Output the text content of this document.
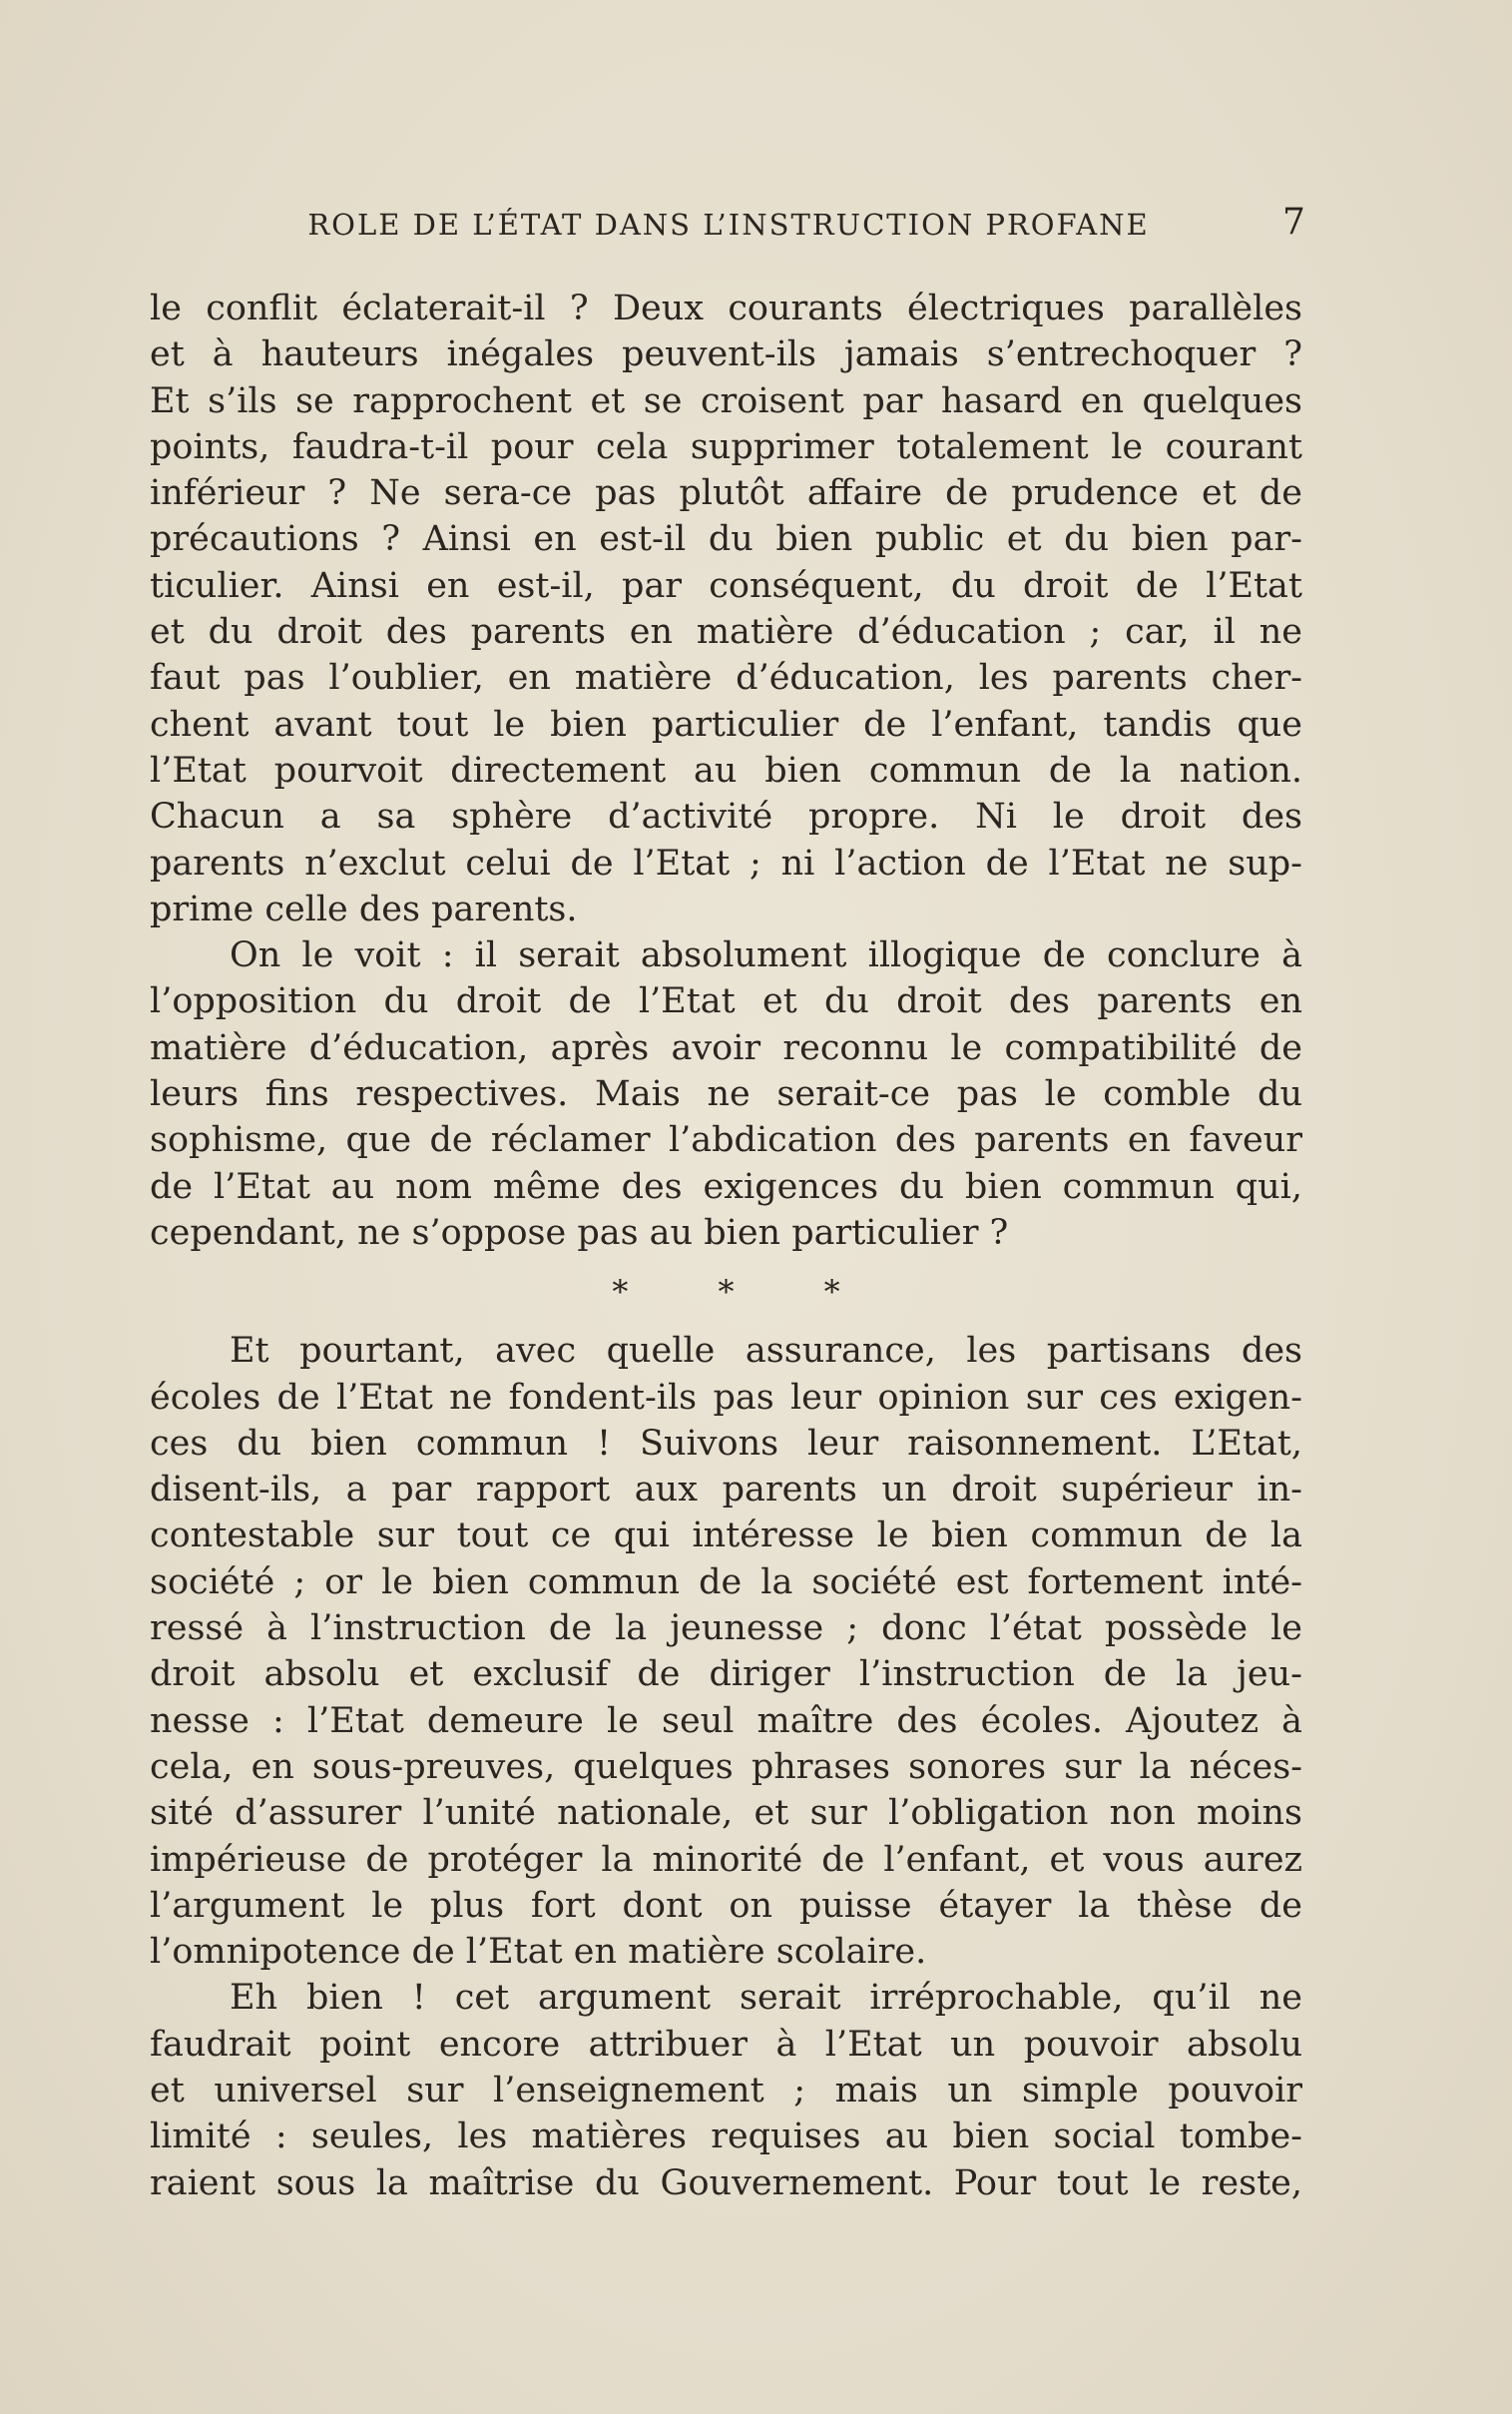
ROLE DE L’ÉTAT DANS L’INSTRUCTION PROFANE	7
le conflit éclaterait-il ? Deux courants électriques parallèles
et à hauteurs inégales peuvent-ils jamais s’entrechoquer ?
Et s’ils se rapprochent et se croisent par hasard en quelques
points, faudra-t-il pour cela supprimer totalement le courant
inférieur ? Ne sera-ce pas plutôt affaire de prudence et de
précautions ? Ainsi en est-il du bien public et du bien par-
ticulier. Ainsi en est-il, par conséquent, du droit de l’Etat
et du droit des parents en matière d’éducation ; car, il ne
faut pas l’oublier, en matière d’éducation, les parents cher-
chent avant tout le bien particulier de l’enfant, tandis que
l’Etat pourvoit directement au bien commun de la nation.
Chacun a sa sphère d’activité propre. Ni le droit des
parents n’exclut celui de l’Etat ; ni l’action de l’Etat ne sup-
prime celle des parents.
On le voit : il serait absolument illogique de conclure à
l’opposition du droit de l’Etat et du droit des parents en
matière d’éducation, après avoir reconnu le compatibilité de
leurs fins respectives. Mais ne serait-ce pas le comble du
sophisme, que de réclamer l’abdication des parents en faveur
de l’Etat au nom même des exigences du bien commun qui,
cependant, ne s’oppose pas au bien particulier ?
* * *
Et pourtant, avec quelle assurance, les partisans des
écoles de l’Etat ne fondent-ils pas leur opinion sur ces exigen-
ces du bien commun ! Suivons leur raisonnement. L’Etat,
disent-ils, a par rapport aux parents un droit supérieur in-
contestable sur tout ce qui intéresse le bien commun de la
société ; or le bien commun de la société est fortement inté-
ressé à l’instruction de la jeunesse ; donc l’état possède le
droit absolu et exclusif de diriger l’instruction de la jeu-
nesse : l’Etat demeure le seul maître des écoles. Ajoutez à
cela, en sous-preuves, quelques phrases sonores sur la néces-
sité d’assurer l’unité nationale, et sur l’obligation non moins
impérieuse de protéger la minorité de l’enfant, et vous aurez
l’argument le plus fort dont on puisse étayer la thèse de
l’omnipotence de l’Etat en matière scolaire.
Eh bien ! cet argument serait irréprochable, qu’il ne
faudrait point encore attribuer à l’Etat un pouvoir absolu
et universel sur l’enseignement ; mais un simple pouvoir
limité : seules, les matières requises au bien social tombe-
raient sous la maîtrise du Gouvernement. Pour tout le reste,
